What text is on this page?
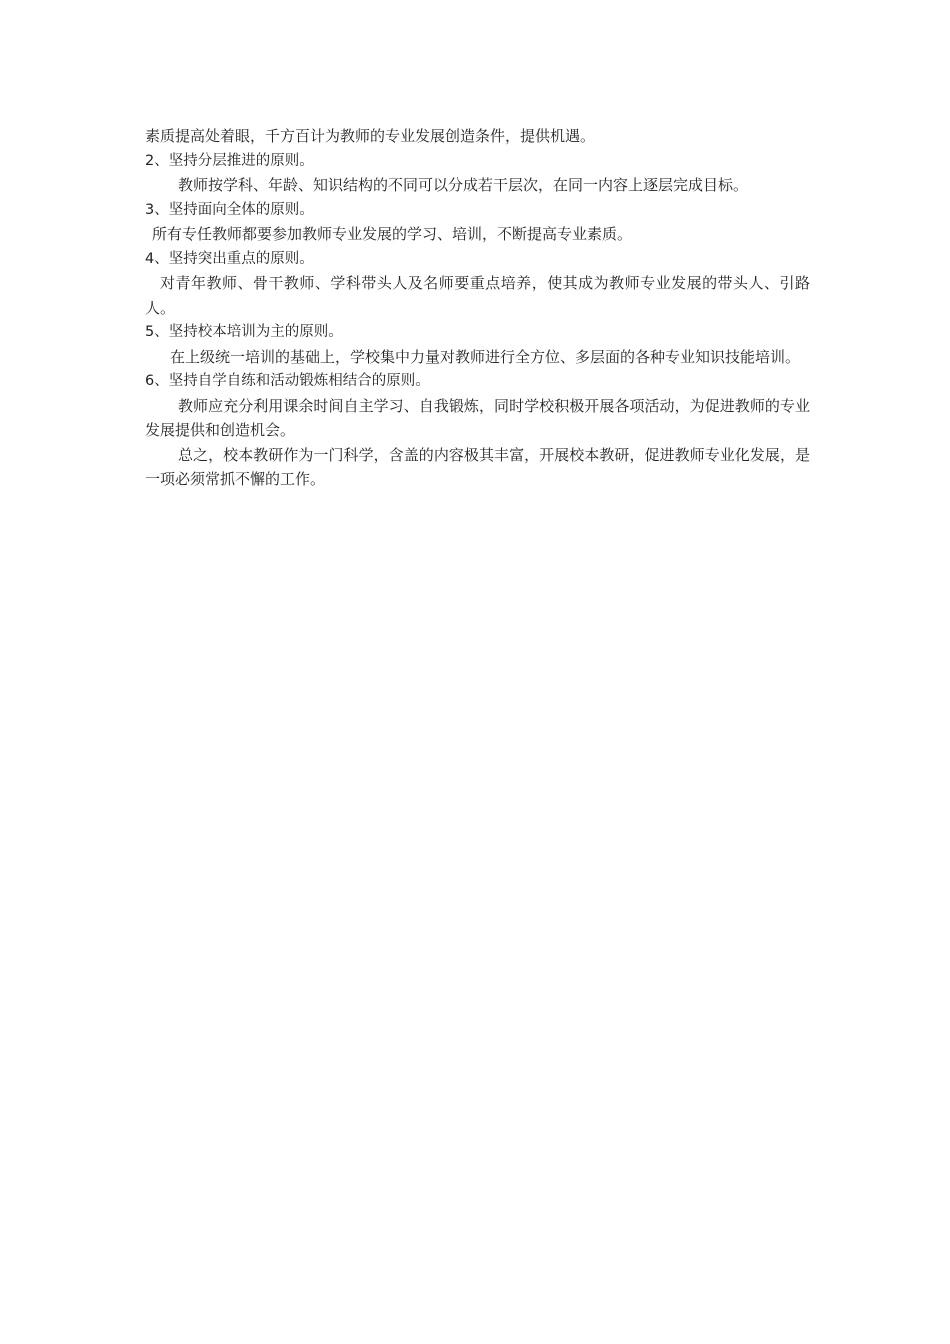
素质提高处着眼，千方百计为教师的专业发展创造条件，提供机遇。

2、坚持分层推进的原则。

教师按学科、年龄、知识结构的不同可以分成若干层次，在同一内容上逐层完成目标。

3、坚持面向全体的原则。

所有专任教师都要参加教师专业发展的学习、培训，不断提高专业素质。

4、坚持突出重点的原则。

对青年教师、骨干教师、学科带头人及名师要重点培养，使其成为教师专业发展的带头人、引路人。

5、坚持校本培训为主的原则。

在上级统一培训的基础上，学校集中力量对教师进行全方位、多层面的各种专业知识技能培训。

6、坚持自学自练和活动锻炼相结合的原则。

教师应充分利用课余时间自主学习、自我锻炼，同时学校积极开展各项活动，为促进教师的专业发展提供和创造机会。

总之，校本教研作为一门科学，含盖的内容极其丰富，开展校本教研，促进教师专业化发展，是一项必须常抓不懈的工作。
